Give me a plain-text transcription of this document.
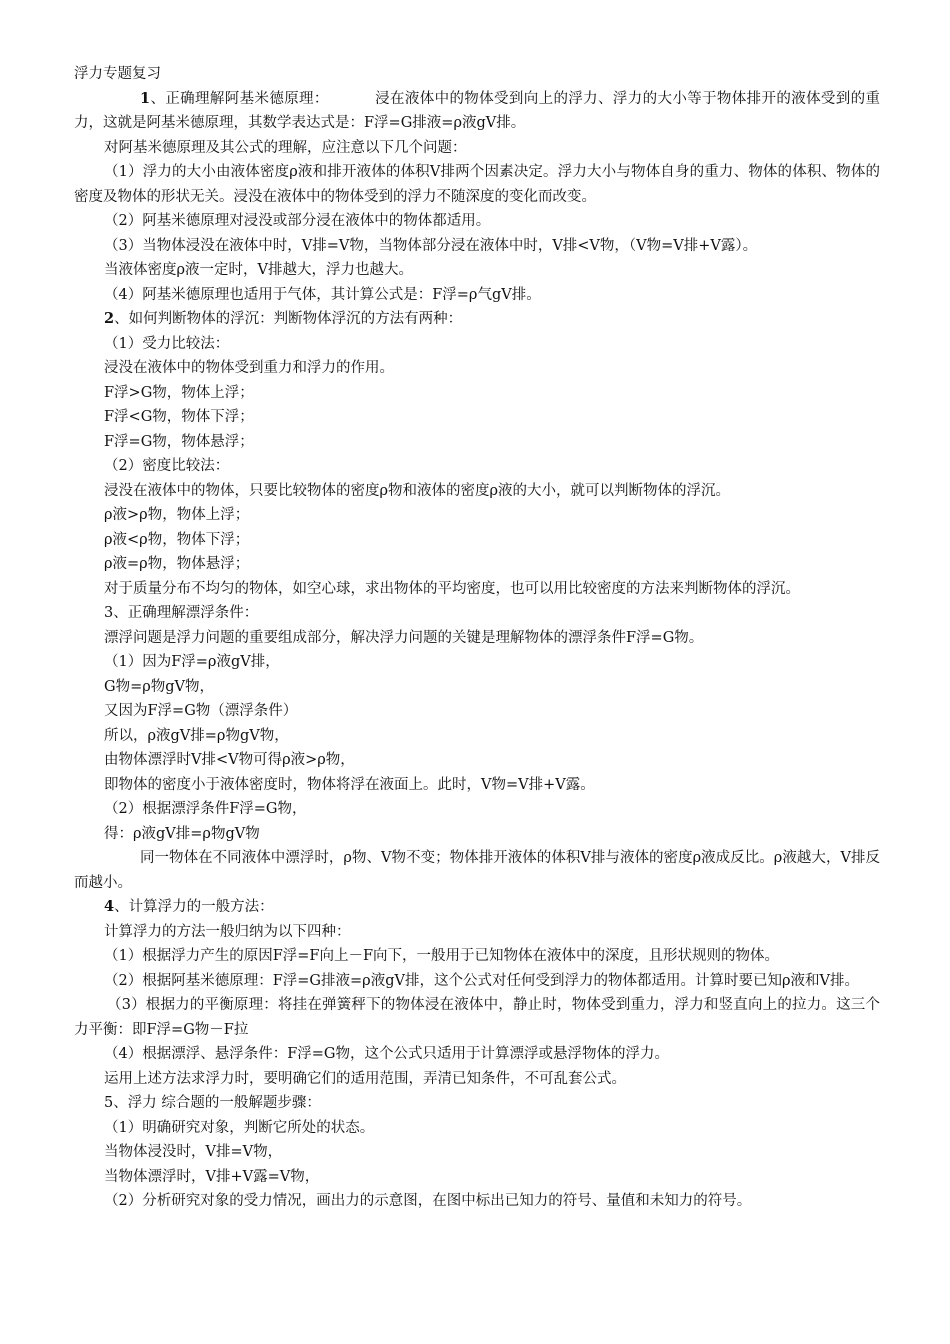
浮力专题复习
1、正确理解阿基米德原理：	浸在液体中的物体受到向上的浮力、浮力的大小等于物体排开的液体受到的重力，这就是阿基米德原理，其数学表达式是：F浮=G排液=ρ液gV排。
对阿基米德原理及其公式的理解，应注意以下几个问题：
（1）浮力的大小由液体密度ρ液和排开液体的体积V排两个因素决定。浮力大小与物体自身的重力、物体的体积、物体的密度及物体的形状无关。浸没在液体中的物体受到的浮力不随深度的变化而改变。
（2）阿基米德原理对浸没或部分浸在液体中的物体都适用。
（3）当物体浸没在液体中时，V排=V物，当物体部分浸在液体中时，V排<V物，（V物=V排+V露）。
当液体密度ρ液一定时，V排越大，浮力也越大。
（4）阿基米德原理也适用于气体，其计算公式是：F浮=ρ气gV排。
2、如何判断物体的浮沉：判断物体浮沉的方法有两种：
（1）受力比较法：
浸没在液体中的物体受到重力和浮力的作用。
F浮>G物，物体上浮；
F浮<G物，物体下浮；
F浮=G物，物体悬浮；
（2）密度比较法：
浸没在液体中的物体，只要比较物体的密度ρ物和液体的密度ρ液的大小，就可以判断物体的浮沉。
ρ液>ρ物，物体上浮；
ρ液<ρ物，物体下浮；
ρ液=ρ物，物体悬浮；
对于质量分布不均匀的物体，如空心球，求出物体的平均密度，也可以用比较密度的方法来判断物体的浮沉。
3、正确理解漂浮条件：
漂浮问题是浮力问题的重要组成部分，解决浮力问题的关键是理解物体的漂浮条件F浮=G物。
（1）因为F浮=ρ液gV排，
G物=ρ物gV物，
又因为F浮=G物（漂浮条件）
所以，ρ液gV排=ρ物gV物，
由物体漂浮时V排<V物可得ρ液>ρ物，
即物体的密度小于液体密度时，物体将浮在液面上。此时，V物=V排+V露。
（2）根据漂浮条件F浮=G物，
得：ρ液gV排=ρ物gV物
同一物体在不同液体中漂浮时，ρ物、V物不变；物体排开液体的体积V排与液体的密度ρ液成反比。ρ液越大，V排反而越小。
4、计算浮力的一般方法：
计算浮力的方法一般归纳为以下四种：
（1）根据浮力产生的原因F浮=F向上－F向下，一般用于已知物体在液体中的深度，且形状规则的物体。
（2）根据阿基米德原理：F浮=G排液=ρ液gV排，这个公式对任何受到浮力的物体都适用。计算时要已知ρ液和V排。
（3）根据力的平衡原理：将挂在弹簧秤下的物体浸在液体中，静止时，物体受到重力，浮力和竖直向上的拉力。这三个力平衡：即F浮=G物－F拉
（4）根据漂浮、悬浮条件：F浮=G物，这个公式只适用于计算漂浮或悬浮物体的浮力。
运用上述方法求浮力时，要明确它们的适用范围，弄清已知条件，不可乱套公式。
5、浮力 综合题的一般解题步骤：
（1）明确研究对象，判断它所处的状态。
当物体浸没时，V排=V物，
当物体漂浮时，V排+V露=V物，
（2）分析研究对象的受力情况，画出力的示意图，在图中标出已知力的符号、量值和未知力的符号。
